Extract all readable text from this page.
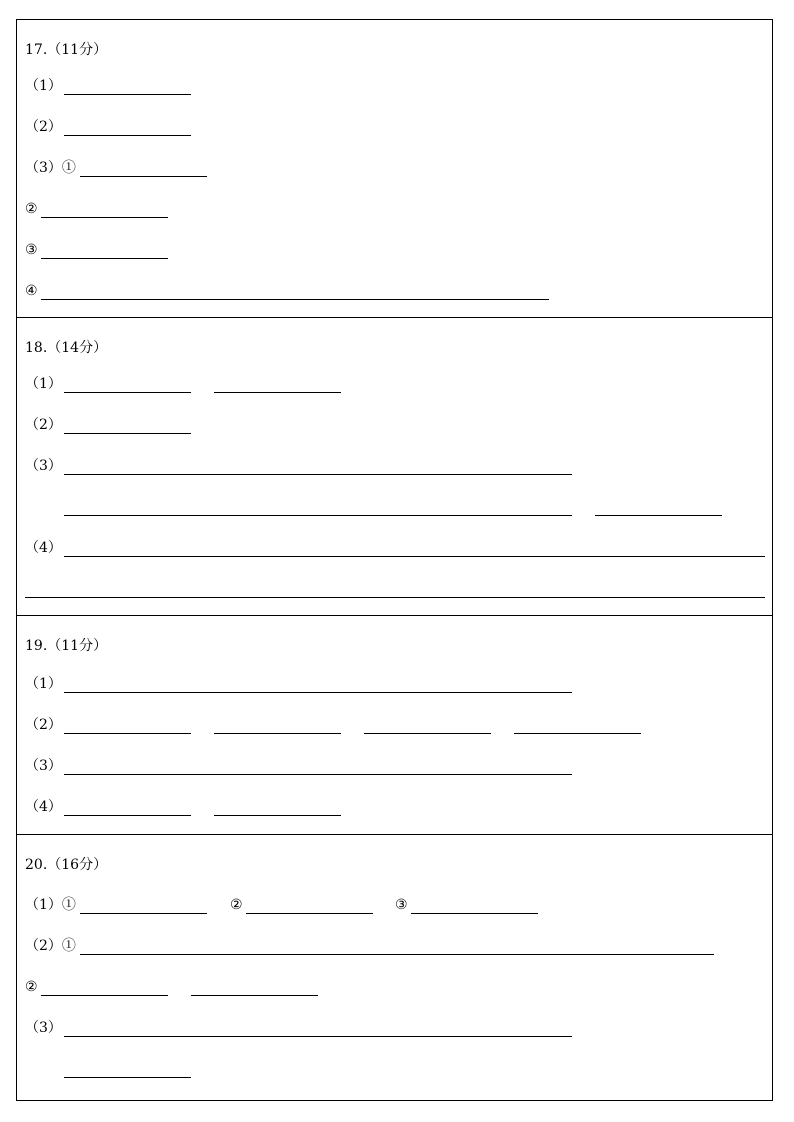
17.（11分）
（1）
（2）
（3）①
②
③
④
18.（14分）
（1）
（2）
（3）
（4）
19.（11分）
（1）
（2）
（3）
（4）
20.（16分）
（1）①	②	③
（2）①
②
（3）
